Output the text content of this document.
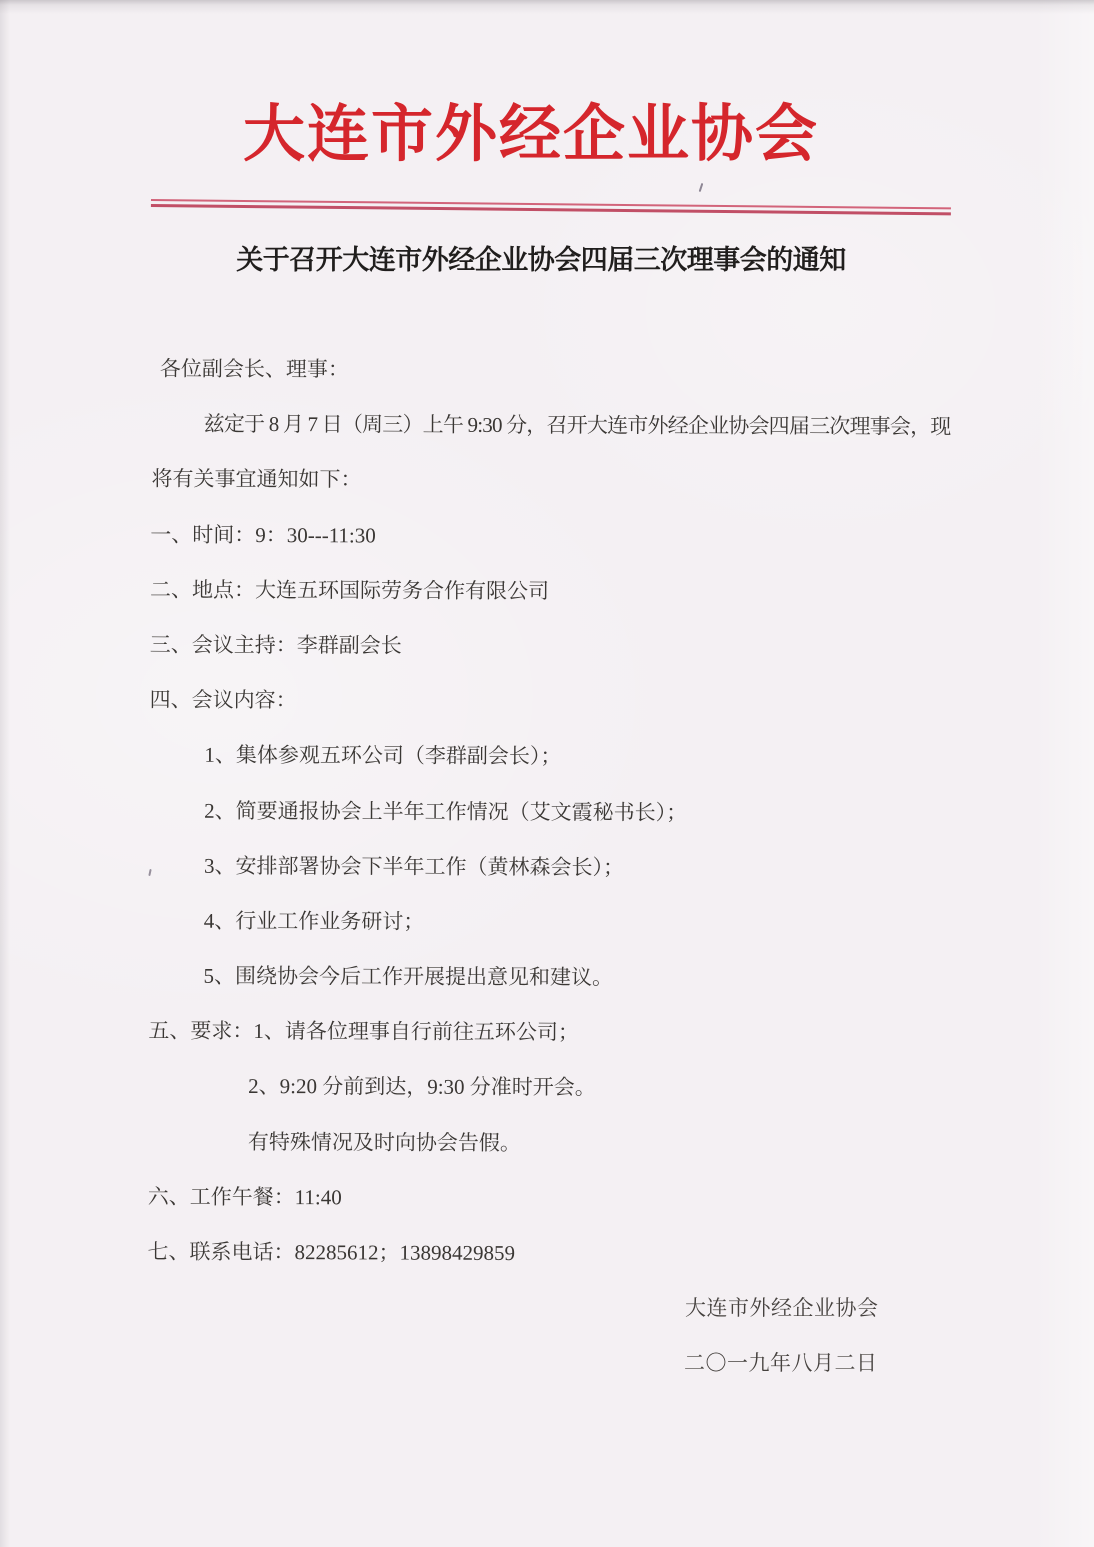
大连市外经企业协会
关于召开大连市外经企业协会四届三次理事会的通知

各位副会长、理事：

兹定于 8 月 7 日（周三）上午 9:30 分，召开大连市外经企业协会四届三次理事会，现

将有关事宜通知如下：

一、时间：9：30---11:30

二、地点：大连五环国际劳务合作有限公司

三、会议主持：李群副会长

四、会议内容：

1、集体参观五环公司（李群副会长）；

2、简要通报协会上半年工作情况（艾文霞秘书长）；

3、安排部署协会下半年工作（黄林森会长）；

4、行业工作业务研讨；

5、围绕协会今后工作开展提出意见和建议。

五、要求：1、请各位理事自行前往五环公司；

2、9:20 分前到达，9:30 分准时开会。

有特殊情况及时向协会告假。

六、工作午餐：11:40

七、联系电话：82285612；13898429859

大连市外经企业协会
二〇一九年八月二日
